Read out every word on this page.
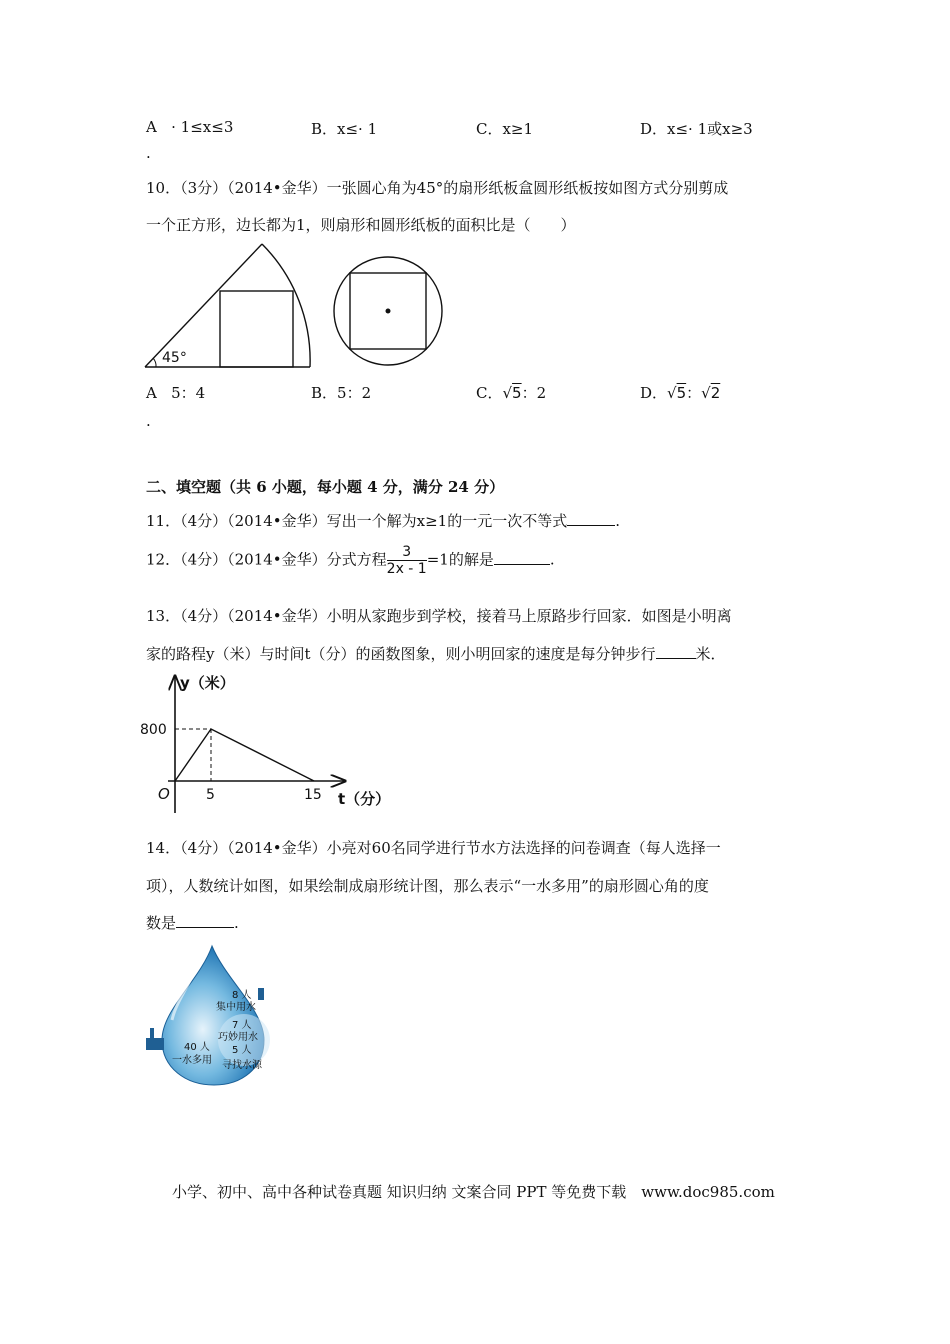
A   · 1≤x≤3	B．x≤· 1	C．x≥1	D．x≤· 1或x≥3
.
10．（3分）（2014•金华）一张圆心角为45°的扇形纸板盒圆形纸板按如图方式分别剪成
一个正方形，边长都为1，则扇形和圆形纸板的面积比是（　　）
45°
A   5：4	B．5：2	C．√5：2	D．√5：√2
.
二、填空题（共 6 小题，每小题 4 分，满分 24 分）
11．（4分）（2014•金华）写出一个解为x≥1的一元一次不等式	.
12．（4分）（2014•金华）分式方程 $\frac{3}{2x - 1} =1$的解是	.
13．（4分）（2014•金华）小明从家跑步到学校，接着马上原路步行回家．如图是小明离
家的路程y（米）与时间t（分）的函数图象，则小明回家的速度是每分钟步行	米．
y（米）
t（分）
O
800
5	15
14．（4分）（2014•金华）小亮对60名同学进行节水方法选择的问卷调查（每人选择一
项），人数统计如图，如果绘制成扇形统计图，那么表示“一水多用”的扇形圆心角的度
数是	.
8 人
集中用水
7 人
巧妙用水
40 人
一水多用
5 人
寻找水源
小学、初中、高中各种试卷真题 知识归纳 文案合同 PPT 等免费下载　www.doc985.com
